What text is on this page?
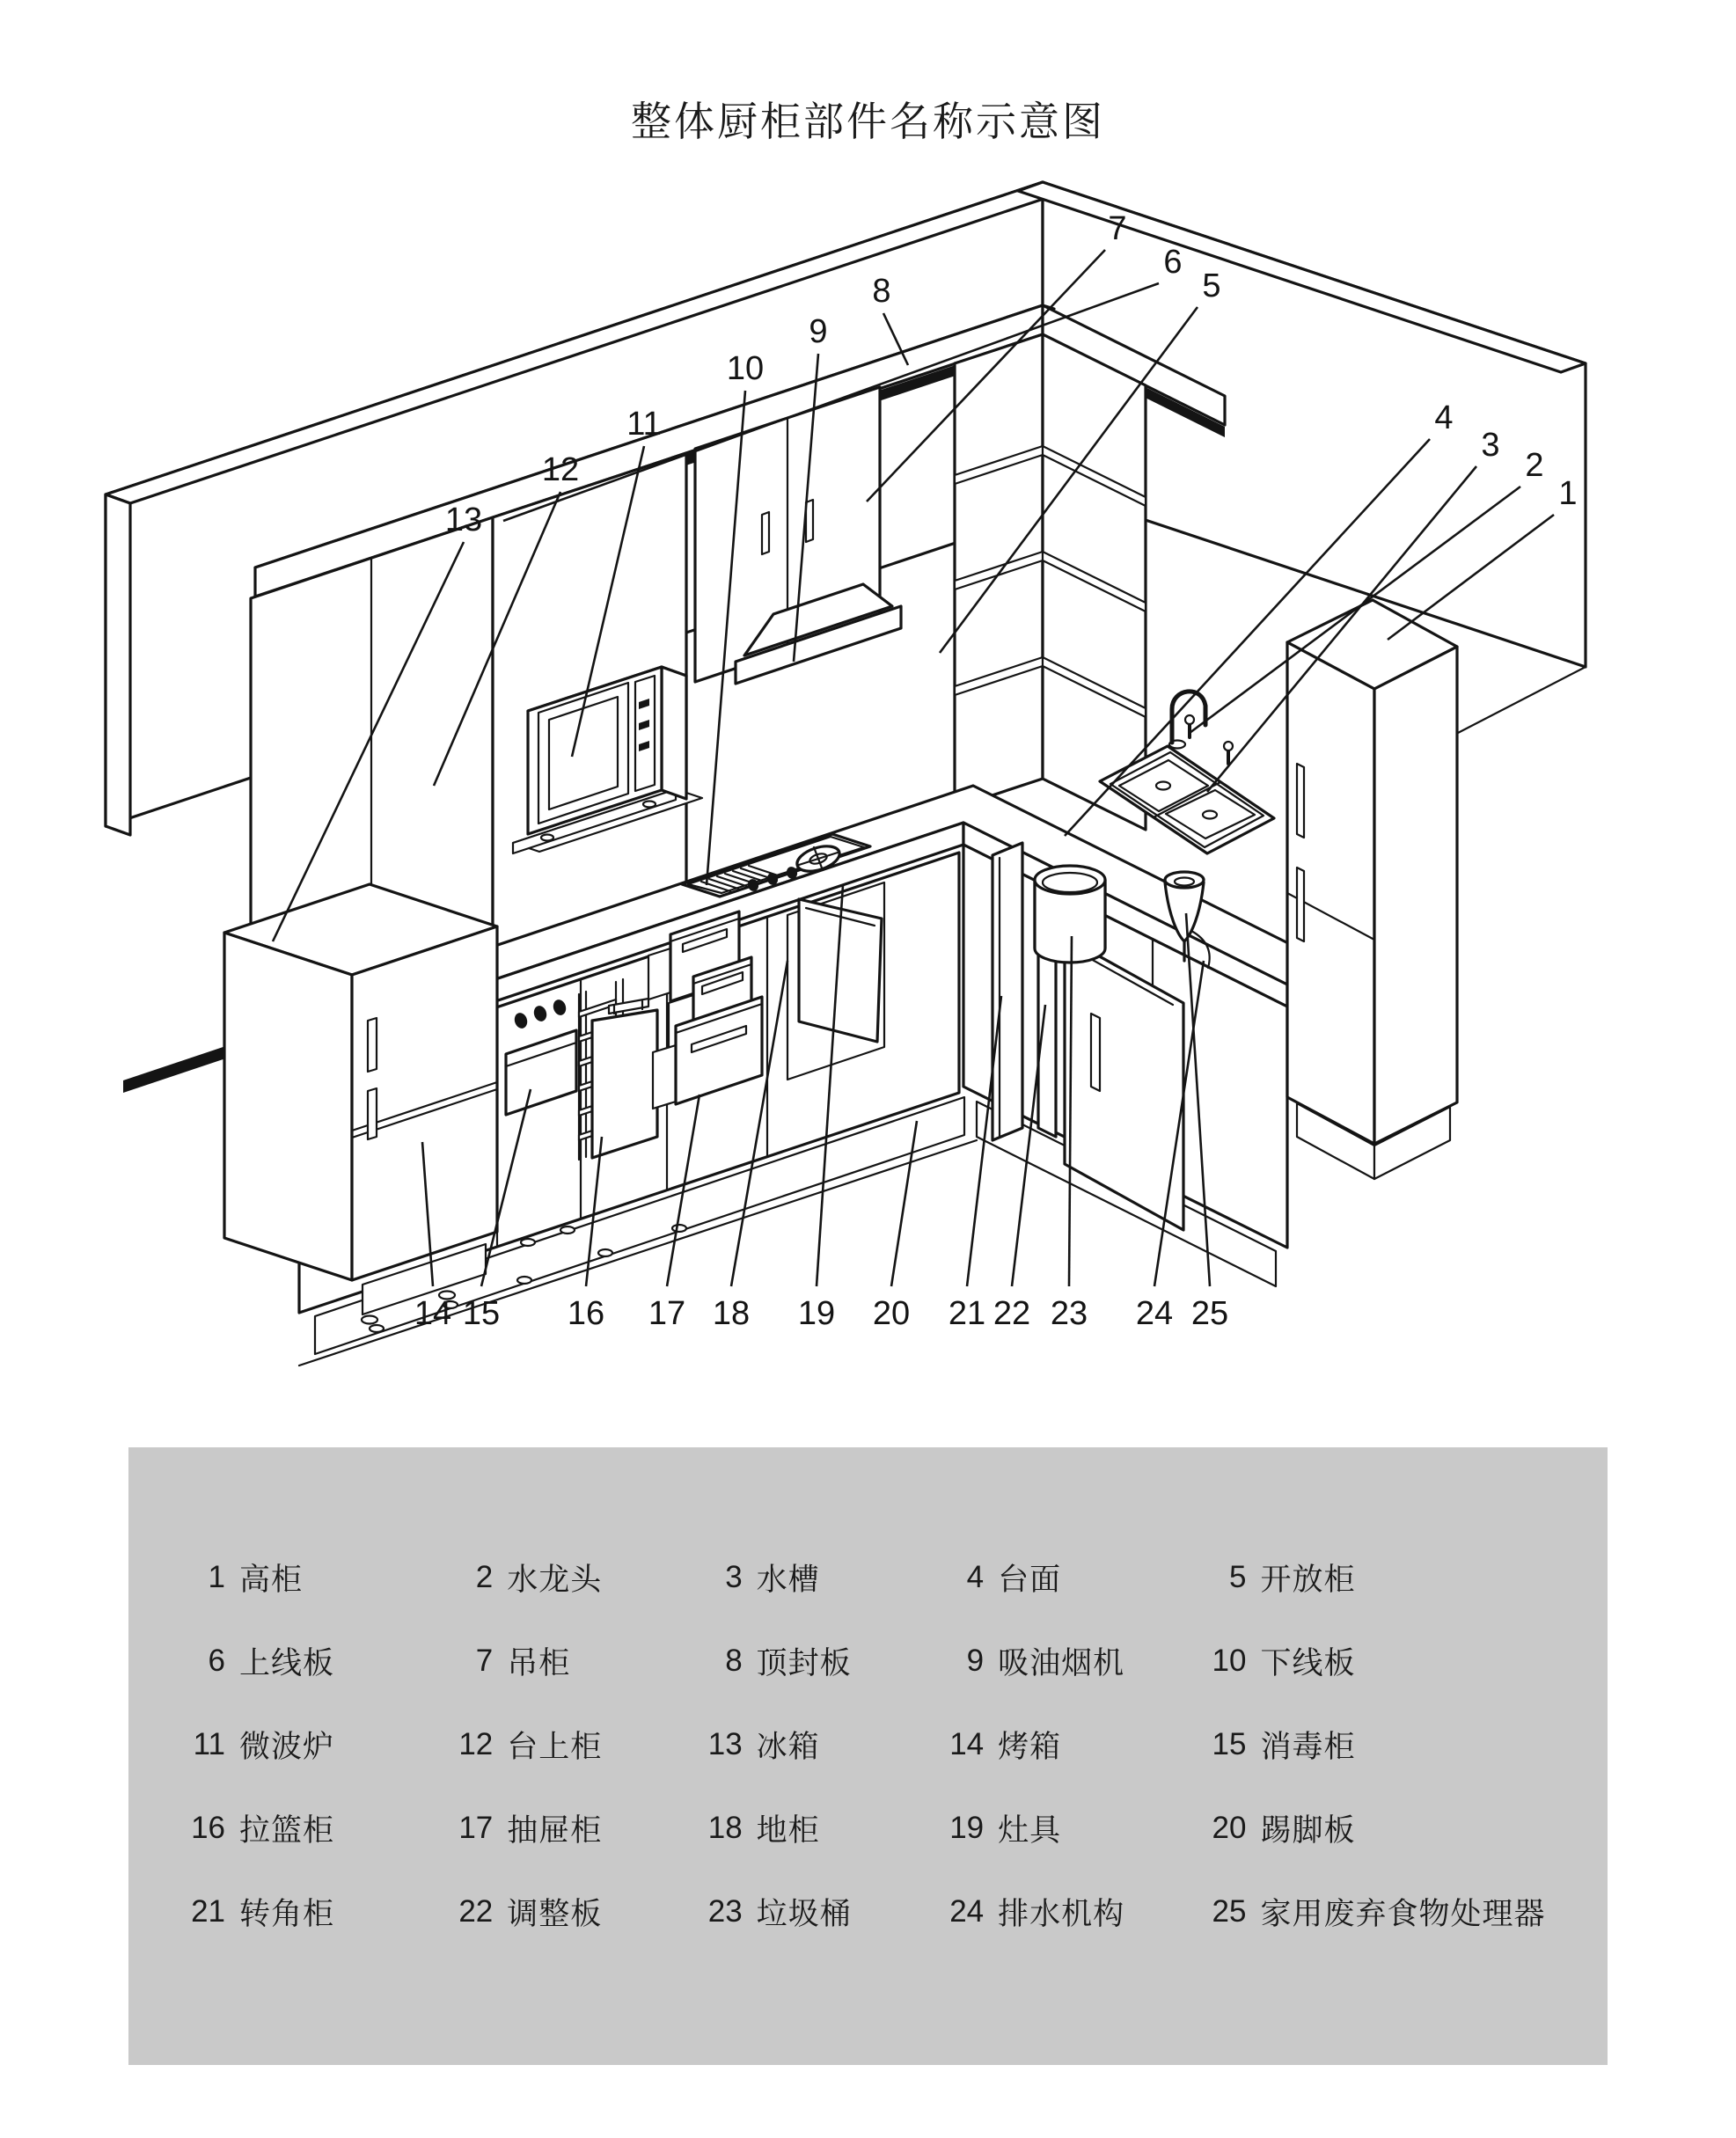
整体厨柜部件名称示意图
1
2
3
4
5
6
7
8
9
10
11
12
13
14 15 16 17 18 19 20 21 22 23 24 25
1 高柜	2 水龙头	3 水槽	4 台面	5 开放柜
6 上线板	7 吊柜	8 顶封板	9 吸油烟机	10 下线板
11 微波炉	12 台上柜	13 冰箱	14 烤箱	15 消毒柜
16 拉篮柜	17 抽屉柜	18 地柜	19 灶具	20 踢脚板
21 转角柜	22 调整板	23 垃圾桶	24 排水机构	25 家用废弃食物处理器
